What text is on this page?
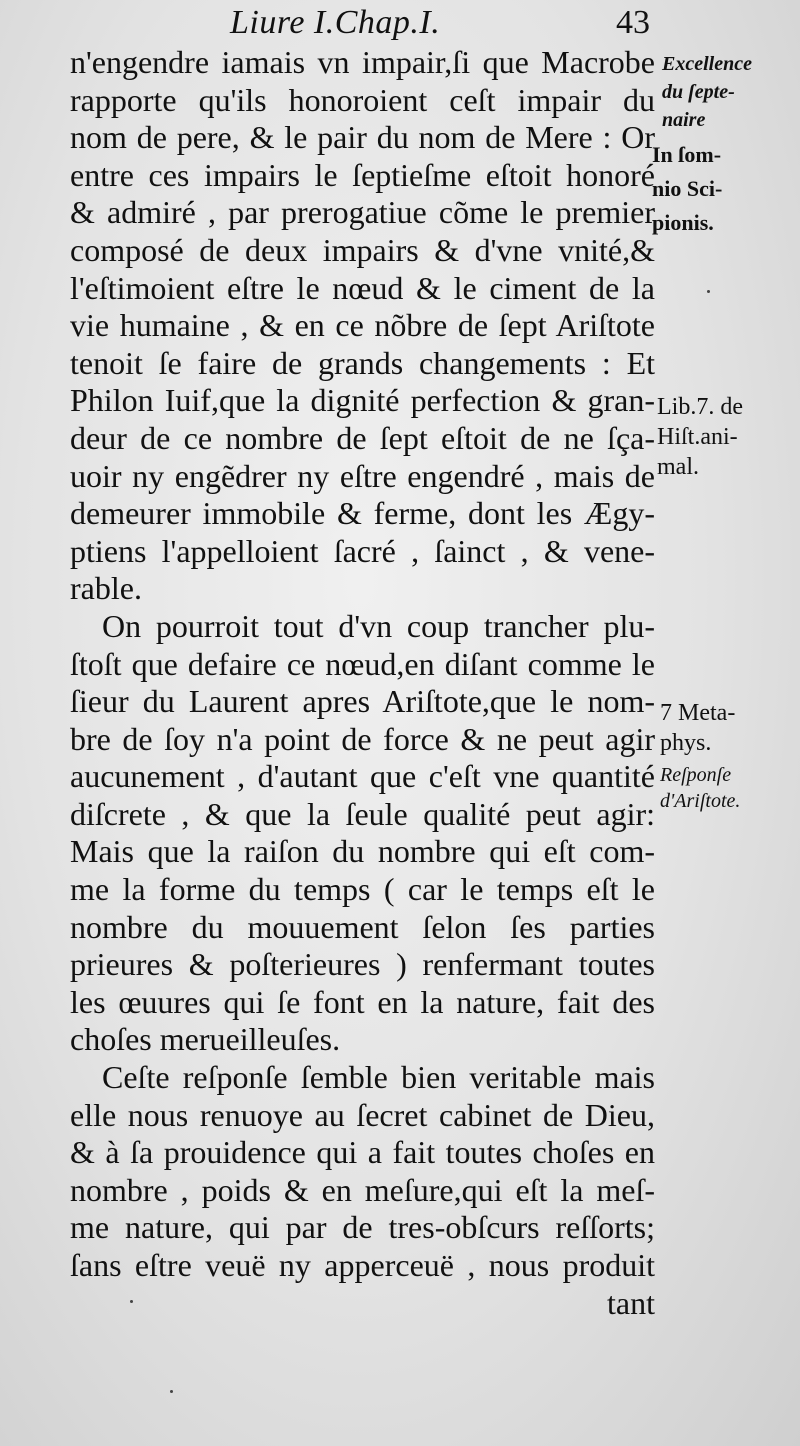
Liure I.Chap.I.	43
n'engendre iamais vn impair,ſi que Macrobe
rapporte qu'ils honoroient ceſt impair du
nom de pere, & le pair du nom de Mere : Or
entre ces impairs le ſeptieſme eſtoit honoré
& admiré , par prerogatiue cõme le premier
composé de deux impairs & d'vne vnité,&
l'eſtimoient eſtre le nœud & le ciment de la
vie humaine , & en ce nõbre de ſept Ariſtote
tenoit ſe faire de grands changements : Et
Philon Iuif,que la dignité perfection & gran-
deur de ce nombre de ſept eſtoit de ne ſça-
uoir ny engẽdrer ny eſtre engendré , mais de
demeurer immobile & ferme, dont les Ægy-
ptiens l'appelloient ſacré , ſainct , & vene-
rable.
On pourroit tout d'vn coup trancher plu-
ſtoſt que defaire ce nœud,en diſant comme le
ſieur du Laurent apres Ariſtote,que le nom-
bre de ſoy n'a point de force & ne peut agir
aucunement , d'autant que c'eſt vne quantité
diſcrete , & que la ſeule qualité peut agir:
Mais que la raiſon du nombre qui eſt com-
me la forme du temps ( car le temps eſt le
nombre du mouuement ſelon ſes parties
prieures & poſterieures ) renfermant toutes
les œuures qui ſe font en la nature, fait des
choſes merueilleuſes.
Ceſte reſponſe ſemble bien veritable mais
elle nous renuoye au ſecret cabinet de Dieu,
& à ſa prouidence qui a fait toutes choſes en
nombre , poids & en meſure,qui eſt la meſ-
me nature, qui par de tres-obſcurs reſſorts;
ſans eſtre veuë ny apperceuë , nous produit
tant
Excellence
du ſepte-
naire
In ſom-
nio Sci-
pionis.
Lib.7. de
Hiſt.ani-
mal.
7 Meta-
phys.
Reſponſe
d'Ariſtote.
